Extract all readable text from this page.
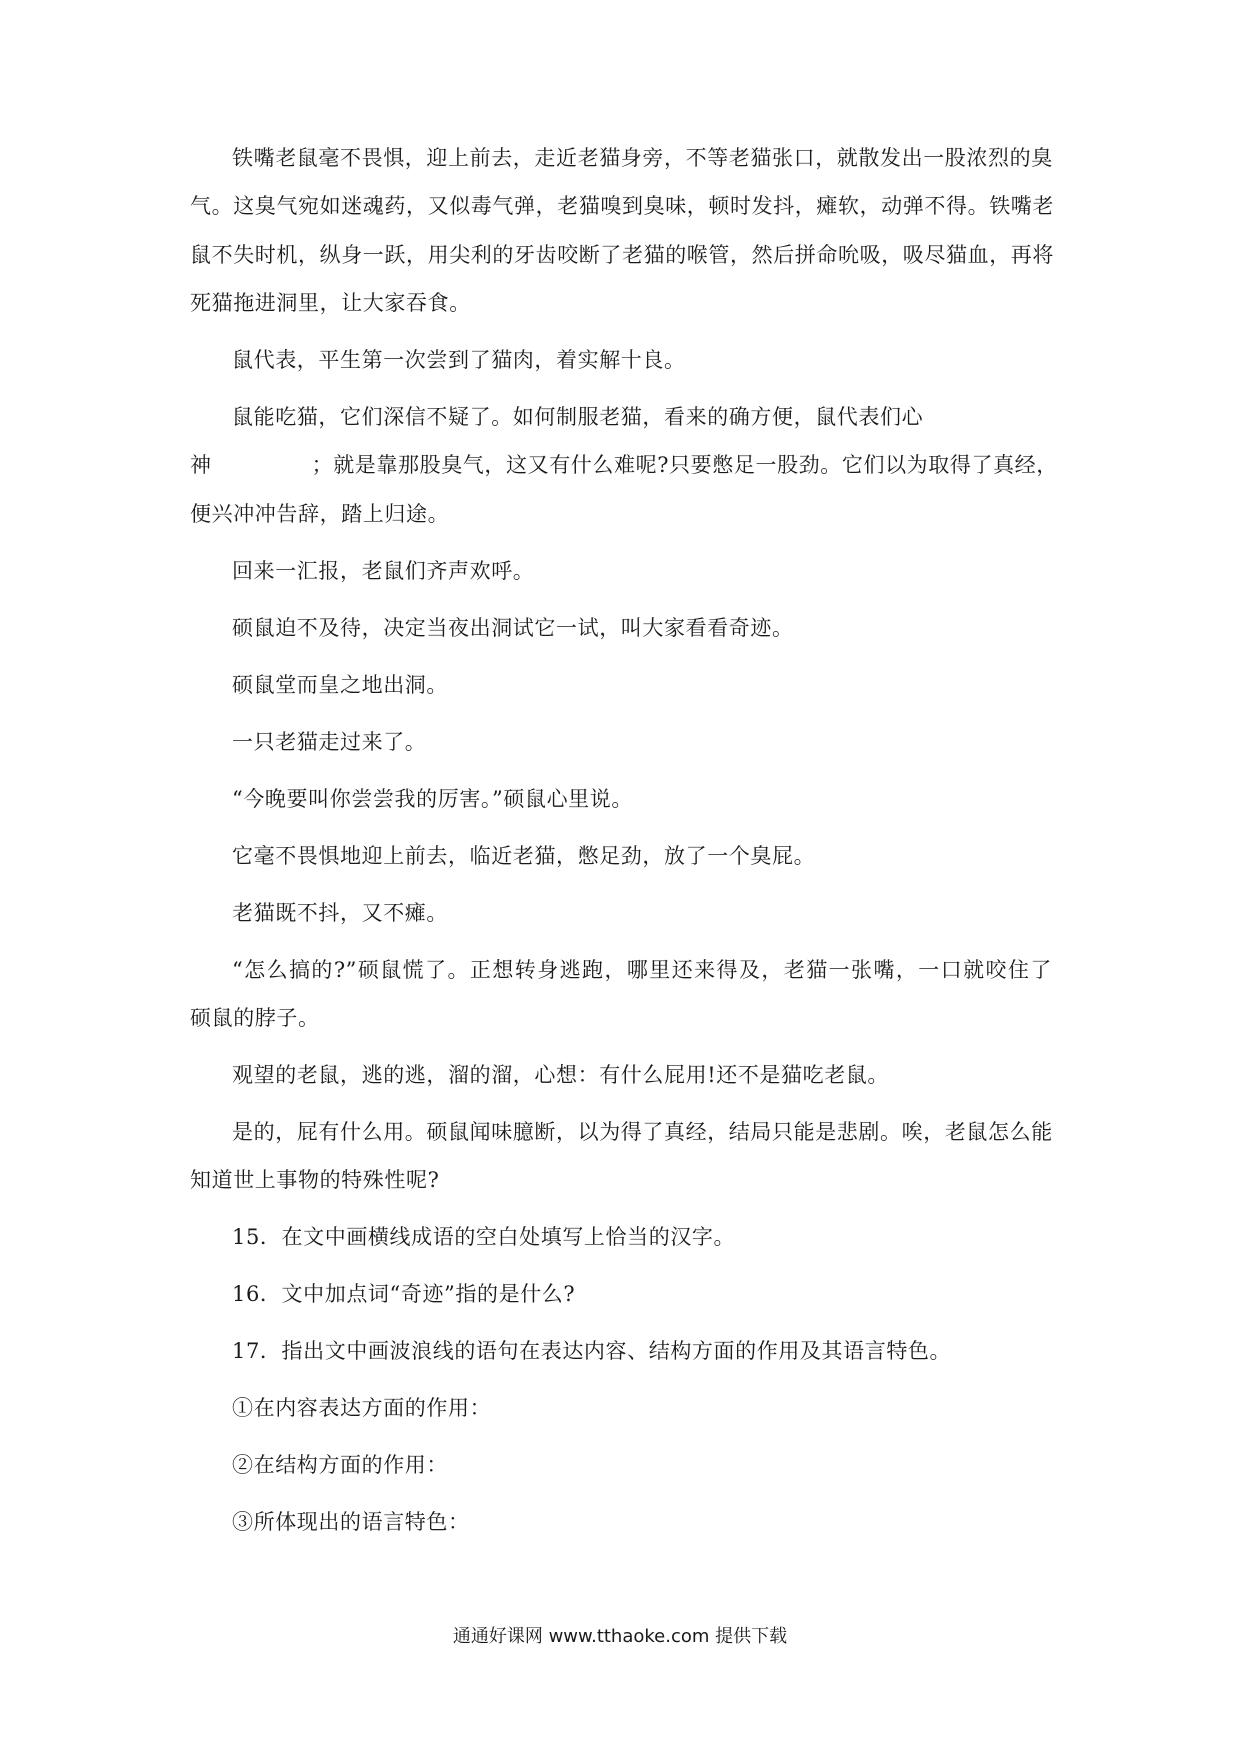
铁嘴老鼠毫不畏惧，迎上前去，走近老猫身旁，不等老猫张口，就散发出一股浓烈的臭
气。这臭气宛如迷魂药，又似毒气弹，老猫嗅到臭味，顿时发抖，瘫软，动弹不得。铁嘴老
鼠不失时机，纵身一跃，用尖利的牙齿咬断了老猫的喉管，然后拼命吮吸，吸尽猫血，再将
死猫拖进洞里，让大家吞食。
鼠代表，平生第一次尝到了猫肉，着实解十良。
鼠能吃猫，它们深信不疑了。如何制服老猫，看来的确方便，鼠代表们心
神	；就是靠那股臭气，这又有什么难呢?只要憋足一股劲。它们以为取得了真经，
便兴冲冲告辞，踏上归途。
回来一汇报，老鼠们齐声欢呼。
硕鼠迫不及待，决定当夜出洞试它一试，叫大家看看奇迹。
硕鼠堂而皇之地出洞。
一只老猫走过来了。
“今晚要叫你尝尝我的厉害。”硕鼠心里说。
它毫不畏惧地迎上前去，临近老猫，憋足劲，放了一个臭屁。
老猫既不抖，又不瘫。
“怎么搞的?”硕鼠慌了。正想转身逃跑，哪里还来得及，老猫一张嘴，一口就咬住了
硕鼠的脖子。
观望的老鼠，逃的逃，溜的溜，心想：有什么屁用!还不是猫吃老鼠。
是的，屁有什么用。硕鼠闻味臆断，以为得了真经，结局只能是悲剧。唉，老鼠怎么能
知道世上事物的特殊性呢?
15．在文中画横线成语的空白处填写上恰当的汉字。
16．文中加点词“奇迹”指的是什么?
17．指出文中画波浪线的语句在表达内容、结构方面的作用及其语言特色。
①在内容表达方面的作用：
②在结构方面的作用：
③所体现出的语言特色：
通通好课网 www.tthaoke.com 提供下载
